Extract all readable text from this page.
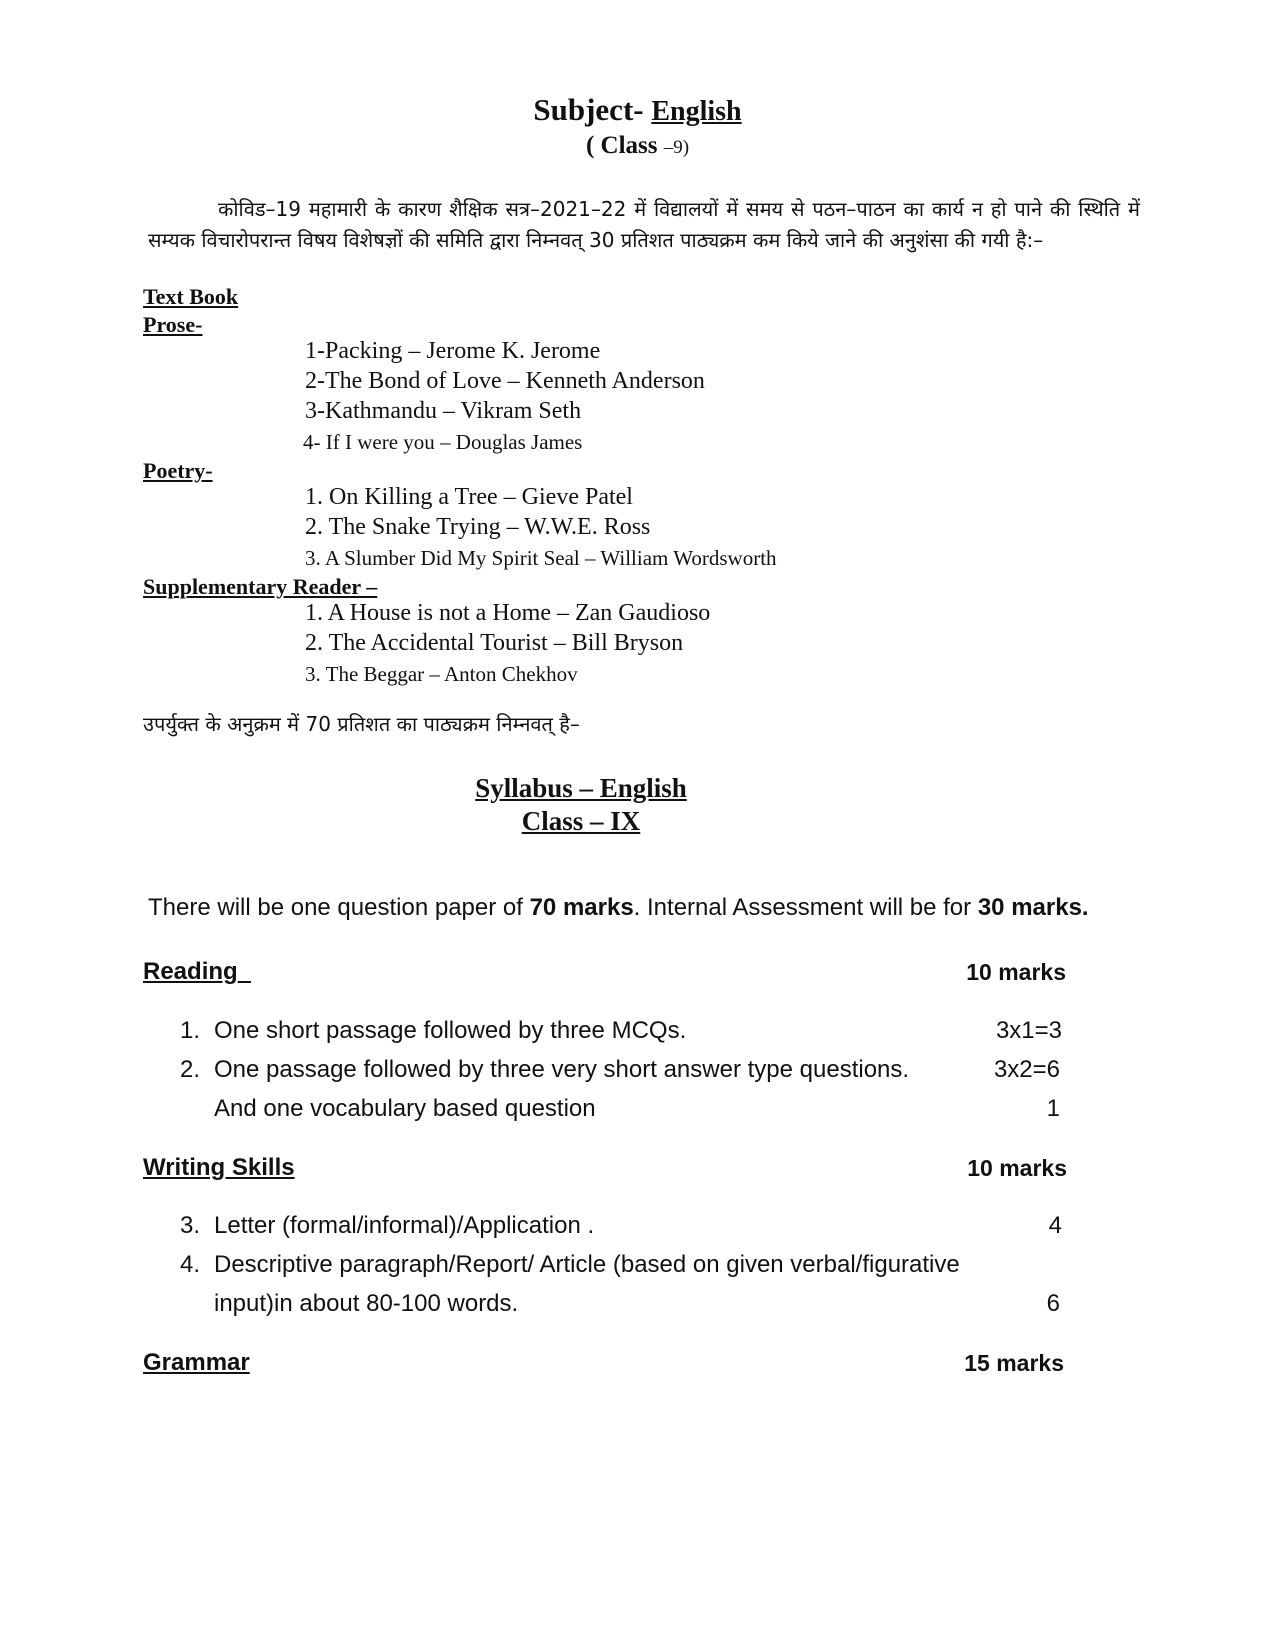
Subject- English
( Class –9)
कोविड–19 महामारी के कारण शैक्षिक सत्र–2021–22 में विद्यालयों में समय से पठन–पाठन का कार्य न हो पाने की स्थिति में सम्यक विचारोपरान्त विषय विशेषज्ञों की समिति द्वारा निम्नवत् 30 प्रतिशत पाठ्यक्रम कम किये जाने की अनुशंसा की गयी है:–
Text Book
Prose-
1-Packing – Jerome K. Jerome
2-The Bond of Love – Kenneth Anderson
3-Kathmandu – Vikram Seth
4- If I were you – Douglas James
Poetry-
1. On Killing a Tree – Gieve Patel
2. The Snake Trying – W.W.E. Ross
3. A Slumber Did My Spirit Seal – William Wordsworth
Supplementary Reader –
1. A House is not a Home – Zan Gaudioso
2. The Accidental Tourist – Bill Bryson
3. The Beggar – Anton Chekhov
उपर्युक्त के अनुक्रम में 70 प्रतिशत का पाठ्यक्रम निम्नवत् है–
Syllabus – English
Class – IX
There will be one question paper of 70 marks. Internal Assessment will be for 30 marks.
Reading	10 marks
1. One short passage followed by three MCQs.	3x1=3
2. One passage followed by three very short answer type questions.	3x2=6
And one vocabulary based question	1
Writing Skills	10 marks
3. Letter (formal/informal)/Application .	4
4. Descriptive paragraph/Report/ Article (based on given verbal/figurative
input)in about 80-100 words.	6
Grammar	15 marks
